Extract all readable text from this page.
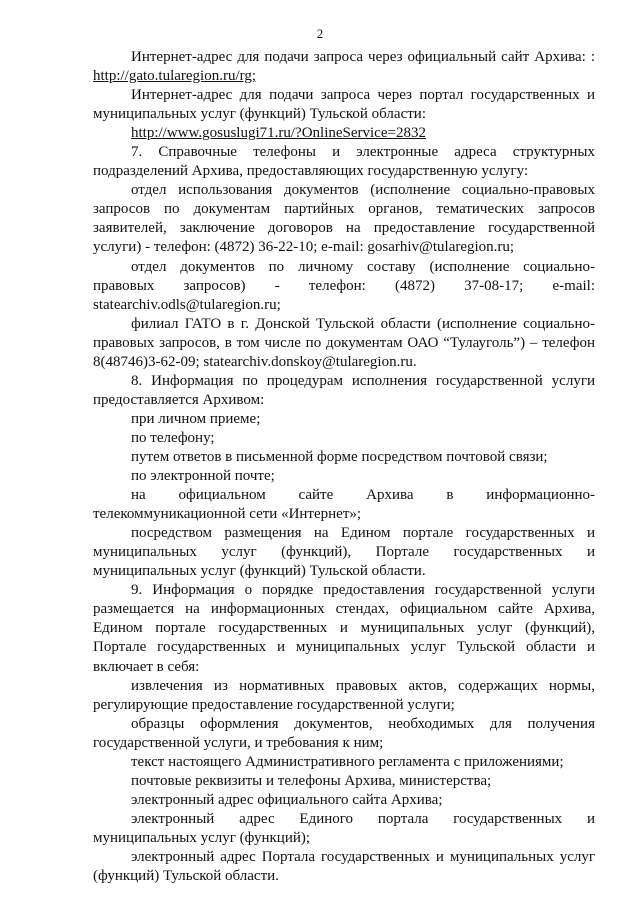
2

Интернет-адрес для подачи запроса через официальный сайт Архива: :

http://gato.tularegion.ru/rg;

Интернет-адрес для подачи запроса через портал государственных и муниципальных услуг (функций) Тульской области:

http://www.gosuslugi71.ru/?OnlineService=2832

7. Справочные телефоны и электронные адреса структурных подразделений Архива, предоставляющих государственную услугу:

отдел использования документов (исполнение социально-правовых запросов по документам партийных органов, тематических запросов заявителей, заключение договоров на предоставление государственной услуги) - телефон: (4872) 36-22-10; e-mail: gosarhiv@tularegion.ru;

отдел документов по личному составу (исполнение социально-правовых запросов) - телефон: (4872) 37-08-17; e-mail: statearchiv.odls@tularegion.ru;

филиал ГАТО в г. Донской Тульской области (исполнение социально-правовых запросов, в том числе по документам ОАО “Тулауголь”) – телефон 8(48746)3-62-09; statearchiv.donskoy@tularegion.ru.

8. Информация по процедурам исполнения государственной услуги предоставляется Архивом:

при личном приеме;

по телефону;

путем ответов в письменной форме посредством почтовой связи;

по электронной почте;

на официальном сайте Архива в информационно-телекоммуникационной сети «Интернет»;

посредством размещения на Едином портале государственных и муниципальных услуг (функций), Портале государственных и муниципальных услуг (функций) Тульской области.

9. Информация о порядке предоставления государственной услуги размещается на информационных стендах, официальном сайте Архива, Едином портале государственных и муниципальных услуг (функций), Портале государственных и муниципальных услуг Тульской области и включает в себя:

извлечения из нормативных правовых актов, содержащих нормы, регулирующие предоставление государственной услуги;

образцы оформления документов, необходимых для получения государственной услуги, и требования к ним;

текст настоящего Административного регламента с приложениями;

почтовые реквизиты и телефоны Архива, министерства;

электронный адрес официального сайта Архива;

электронный адрес Единого портала государственных и муниципальных услуг (функций);

электронный адрес Портала государственных и муниципальных услуг (функций) Тульской области.
